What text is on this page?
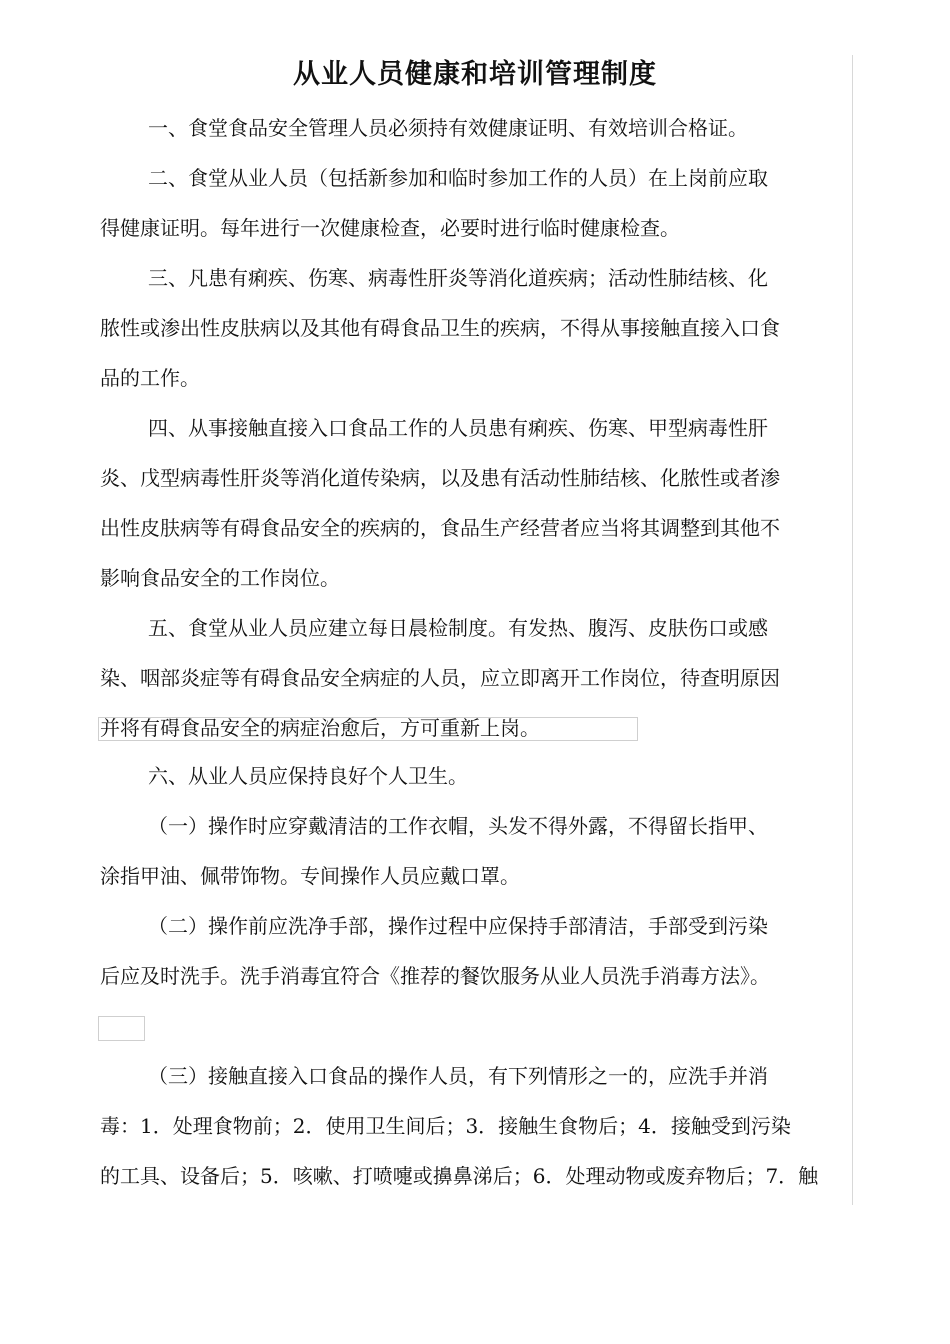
从业人员健康和培训管理制度
一、食堂食品安全管理人员必须持有效健康证明、有效培训合格证。
二、食堂从业人员（包括新参加和临时参加工作的人员）在上岗前应取
得健康证明。每年进行一次健康检查，必要时进行临时健康检查。
三、凡患有痢疾、伤寒、病毒性肝炎等消化道疾病；活动性肺结核、化
脓性或渗出性皮肤病以及其他有碍食品卫生的疾病，不得从事接触直接入口食
品的工作。
四、从事接触直接入口食品工作的人员患有痢疾、伤寒、甲型病毒性肝
炎、戊型病毒性肝炎等消化道传染病，以及患有活动性肺结核、化脓性或者渗
出性皮肤病等有碍食品安全的疾病的，食品生产经营者应当将其调整到其他不
影响食品安全的工作岗位。
五、食堂从业人员应建立每日晨检制度。有发热、腹泻、皮肤伤口或感
染、咽部炎症等有碍食品安全病症的人员，应立即离开工作岗位，待查明原因
并将有碍食品安全的病症治愈后，方可重新上岗。
六、从业人员应保持良好个人卫生。
（一）操作时应穿戴清洁的工作衣帽，头发不得外露，不得留长指甲、
涂指甲油、佩带饰物。专间操作人员应戴口罩。
（二）操作前应洗净手部，操作过程中应保持手部清洁，手部受到污染
后应及时洗手。洗手消毒宜符合《推荐的餐饮服务从业人员洗手消毒方法》。
（三）接触直接入口食品的操作人员，有下列情形之一的，应洗手并消
毒：1．处理食物前；2．使用卫生间后；3．接触生食物后；4．接触受到污染
的工具、设备后；5．咳嗽、打喷嚏或擤鼻涕后；6．处理动物或废弃物后；7．触
